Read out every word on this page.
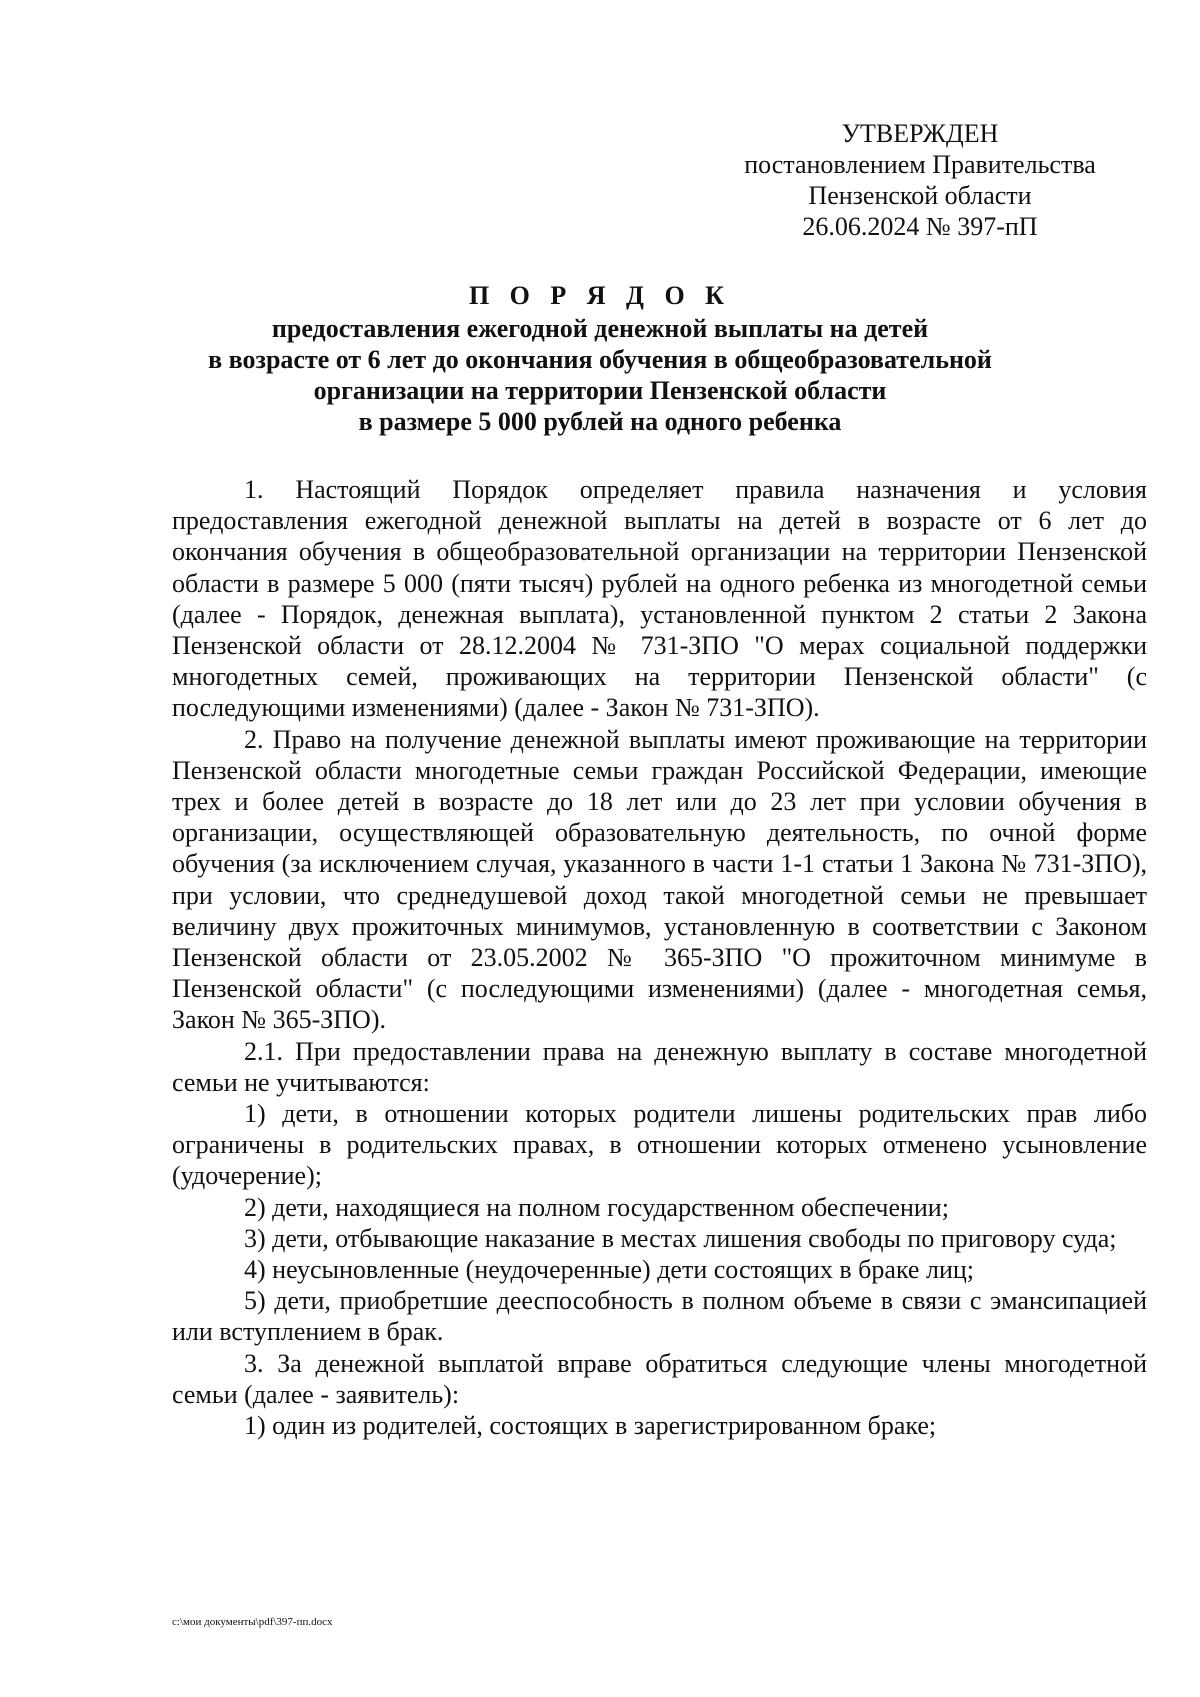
УТВЕРЖДЕН
постановлением Правительства
Пензенской области
26.06.2024 № 397-пП
П О Р Я Д О К
предоставления ежегодной денежной выплаты на детей
в возрасте от 6 лет до окончания обучения в общеобразовательной
организации на территории Пензенской области
в размере 5 000 рублей на одного ребенка

1. Настоящий Порядок определяет правила назначения и условия предоставления ежегодной денежной выплаты на детей в возрасте от 6 лет до окончания обучения в общеобразовательной организации на территории Пензенской области в размере 5 000 (пяти тысяч) рублей на одного ребенка из многодетной семьи (далее - Порядок, денежная выплата), установленной пунктом 2 статьи 2 Закона Пензенской области от 28.12.2004 № 731-ЗПО "О мерах социальной поддержки многодетных семей, проживающих на территории Пензенской области" (с последующими изменениями) (далее - Закон № 731-ЗПО).

2. Право на получение денежной выплаты имеют проживающие на территории Пензенской области многодетные семьи граждан Российской Федерации, имеющие трех и более детей в возрасте до 18 лет или до 23 лет при условии обучения в организации, осуществляющей образовательную деятельность, по очной форме обучения (за исключением случая, указанного в части 1-1 статьи 1 Закона № 731-ЗПО), при условии, что среднедушевой доход такой многодетной семьи не превышает величину двух прожиточных минимумов, установленную в соответствии с Законом Пензенской области от 23.05.2002 № 365-ЗПО "О прожиточном минимуме в Пензенской области" (с последующими изменениями) (далее - многодетная семья, Закон № 365-ЗПО).

2.1. При предоставлении права на денежную выплату в составе многодетной семьи не учитываются:

1) дети, в отношении которых родители лишены родительских прав либо ограничены в родительских правах, в отношении которых отменено усыновление (удочерение);

2) дети, находящиеся на полном государственном обеспечении;

3) дети, отбывающие наказание в местах лишения свободы по приговору суда;

4) неусыновленные (неудочеренные) дети состоящих в браке лиц;

5) дети, приобретшие дееспособность в полном объеме в связи с эмансипацией или вступлением в брак.

3. За денежной выплатой вправе обратиться следующие члены многодетной семьи (далее - заявитель):

1) один из родителей, состоящих в зарегистрированном браке;

c:\мои документы\pdf\397-пп.docx
